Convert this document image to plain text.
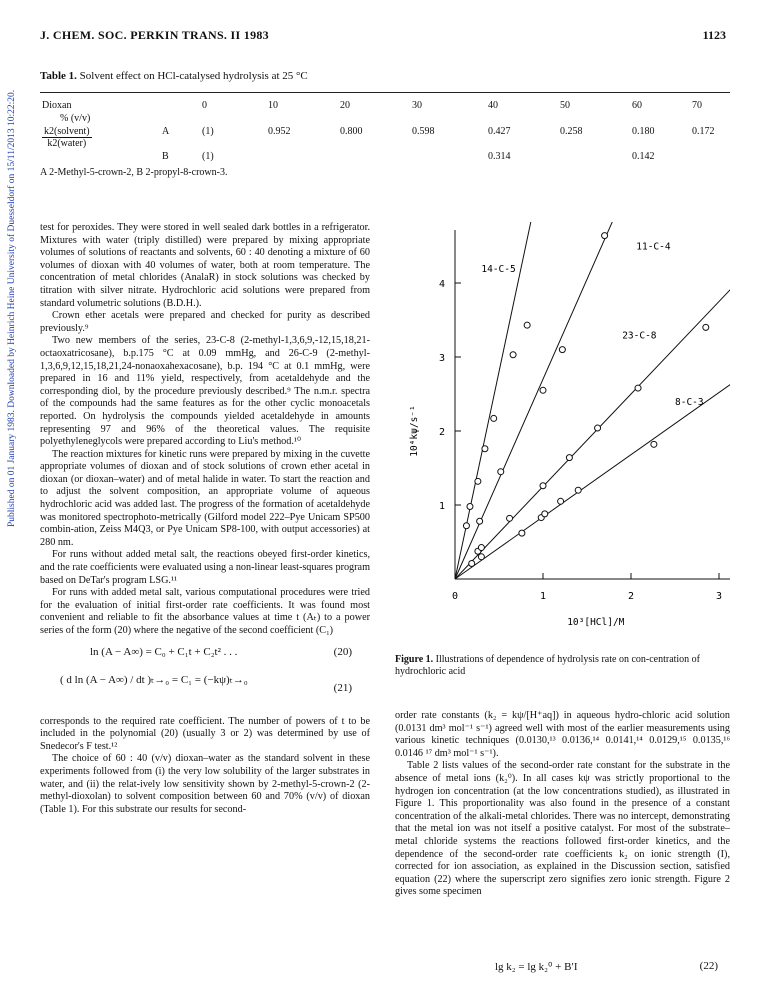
Published on 01 January 1983. Downloaded by Heinrich Heine University of Duesseldorf on 15/11/2013 10:22:20.
J. CHEM. SOC. PERKIN TRANS. II 1983	1123
Table 1. Solvent effect on HCl-catalysed hydrolysis at 25 °C
Dioxan		0	10	20	30	40	50	60	70
% (v/v)									

$\frac{\text{k2(solvent)}}{\text{k2(water)}}$	A	(1)	0.952	0.800	0.598	0.427	0.258	0.180	0.172
	B	(1)				0.314		0.142	
A 2-Methyl-5-crown-2, B 2-propyl-8-crown-3.

test for peroxides. They were stored in well sealed dark bottles in a refrigerator. Mixtures with water (triply distilled) were prepared by mixing appropriate volumes of solutions of reactants and solvents, 60 : 40 denoting a mixture of 60 volumes of dioxan with 40 volumes of water, both at room temperature. The concentration of metal chlorides (AnalaR) in stock solutions was checked by titration with silver nitrate. Hydrochloric acid solutions were prepared from standard volumetric solutions (B.D.H.).

Crown ether acetals were prepared and checked for purity as described previously.⁹

Two new members of the series, 23-C-8 (2-methyl-1,3,6,9,-12,15,18,21-octaoxatricosane), b.p.175 °C at 0.09 mmHg, and 26-C-9 (2-methyl-1,3,6,9,12,15,18,21,24-nonaoxahexacosane), b.p. 194 °C at 0.1 mmHg, were prepared in 16 and 11% yield, respectively, from acetaldehyde and the corresponding diol, by the procedure previously described.⁹ The n.m.r. spectra of the compounds had the same features as for the other cyclic monoacetals reported. On hydrolysis the compounds yielded acetaldehyde in amounts representing 97 and 96% of the theoretical values. The requisite polyethyleneglycols were prepared according to Liu's method.¹⁰

The reaction mixtures for kinetic runs were prepared by mixing in the cuvette appropriate volumes of dioxan and of stock solutions of crown ether acetal in dioxan (or dioxan–water) and of metal halide in water. To start the reaction and to adjust the solvent composition, an appropriate volume of aqueous hydrochloric acid was added last. The progress of the formation of acetaldehyde was monitored spectrophoto-metrically (Gilford model 222–Pye Unicam SP500 combin-ation, Zeiss M4Q3, or Pye Unicam SP8-100, with output accessories) at 280 nm.

For runs without added metal salt, the reactions obeyed first-order kinetics, and the rate coefficients were evaluated using a non-linear least-squares program based on DeTar's program LSG.¹¹

For runs with added metal salt, various computational procedures were tried for the evaluation of initial first-order rate coefficients. It was found most convenient and reliable to fit the absorbance values at time t (Aₜ) to a power series of the form (20) where the negative of the second coefficient (C₁)

ln (A − A∞) = C₀ + C₁t + C₂t² . . .	(20)
( d ln (A − A∞) / dt )ₜ→₀ = C₁ = (−kψ)ₜ→₀
(21)

corresponds to the required rate coefficient. The number of powers of t to be included in the polynomial (20) (usually 3 or 2) was determined by use of Snedecor's F test.¹²

The choice of 60 : 40 (v/v) dioxan–water as the standard solvent in these experiments followed from (i) the very low solubility of the larger substrates in water, and (ii) the relat-ively low sensitivity shown by 2-methyl-5-crown-2 (2-methyl-dioxolan) to solvent composition between 60 and 70% (v/v) of dioxan (Table 1). For this substrate our results for second-

0	1	2	3
1
2
3
4
10³[HCl]/M
10⁴kψ/s⁻¹
14-C-5
11-C-4
23-C-8
8-C-3
Figure 1. Illustrations of dependence of hydrolysis rate on con-centration of hydrochloric acid

order rate constants (k₂ = kψ/[H⁺aq]) in aqueous hydro-chloric acid solution (0.0131 dm³ mol⁻¹ s⁻¹) agreed well with most of the earlier measurements using various kinetic techniques (0.0130,¹³ 0.0136,¹⁴ 0.0141,¹⁴ 0.0129,¹⁵ 0.0135,¹⁶ 0.0146 ¹⁷ dm³ mol⁻¹ s⁻¹).

Table 2 lists values of the second-order rate constant for the substrate in the absence of metal ions (k₂⁰). In all cases kψ was strictly proportional to the hydrogen ion concentration (at the low concentrations studied), as illustrated in Figure 1. This proportionality was also found in the presence of a constant concentration of the alkali-metal chlorides. There was no intercept, demonstrating that the metal ion was not itself a positive catalyst. For most of the substrate–metal chloride systems the reactions followed first-order kinetics, and the dependence of the second-order rate coefficients k₂ on ionic strength (I), corrected for ion association, as explained in the Discussion section, satisfied equation (22) where the superscript zero signifies zero ionic strength. Figure 2 gives some specimen

lg k₂ = lg k₂⁰ + B′I	(22)
